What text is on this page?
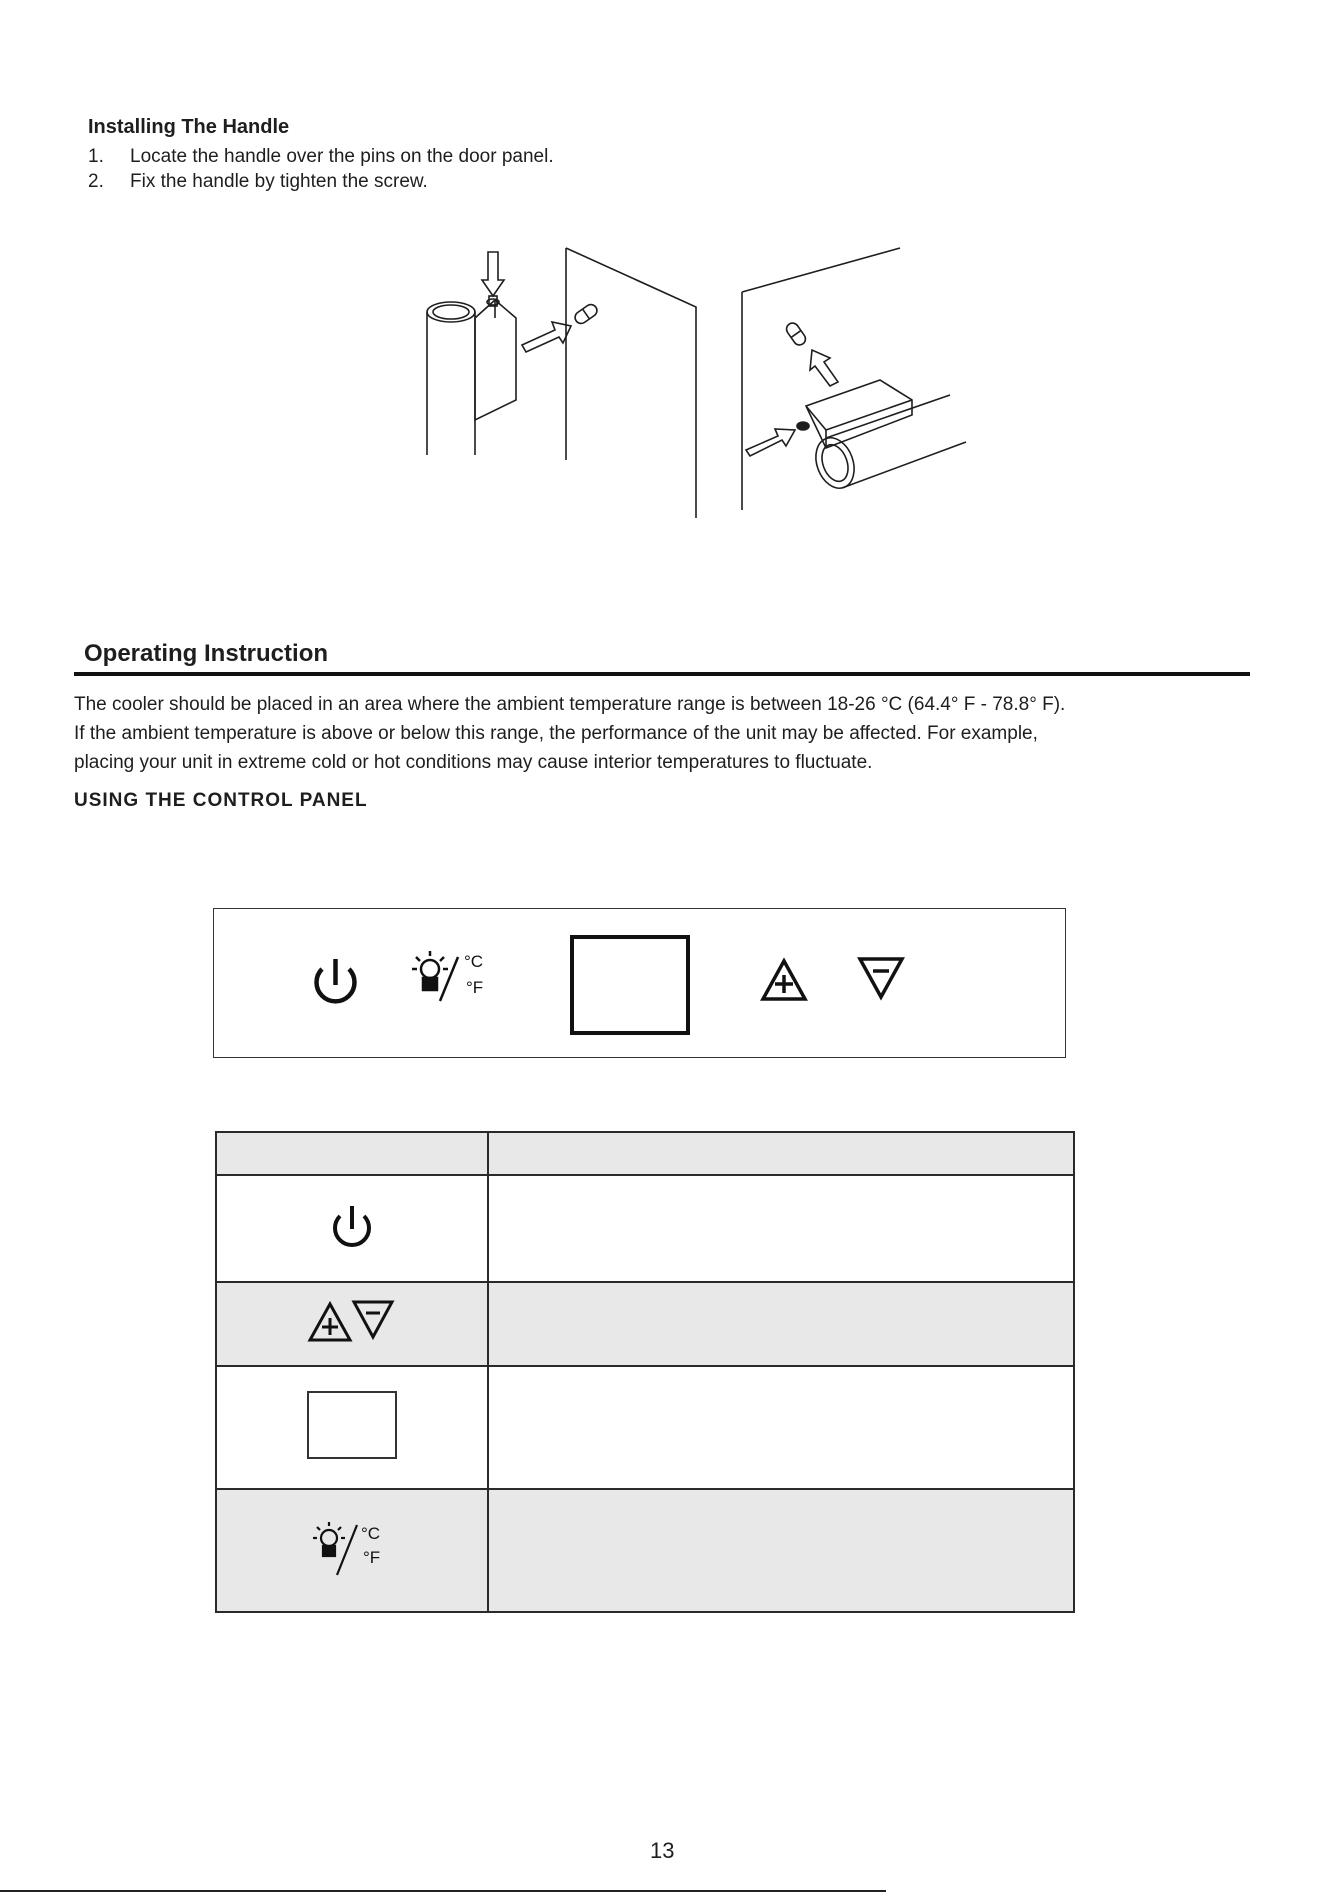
Installing The Handle
1. Locate the handle over the pins on the door panel.
2. Fix the handle by tighten the screw.
Operating Instruction
The cooler should be placed in an area where the ambient temperature range is between 18-26 °C (64.4° F - 78.8° F).
If the ambient temperature is above or below this range, the performance of the unit may be affected. For example,
placing your unit in extreme cold or hot conditions may cause interior temperatures to fluctuate.
USING THE CONTROL PANEL
°C
°F

°C
°F	

13
